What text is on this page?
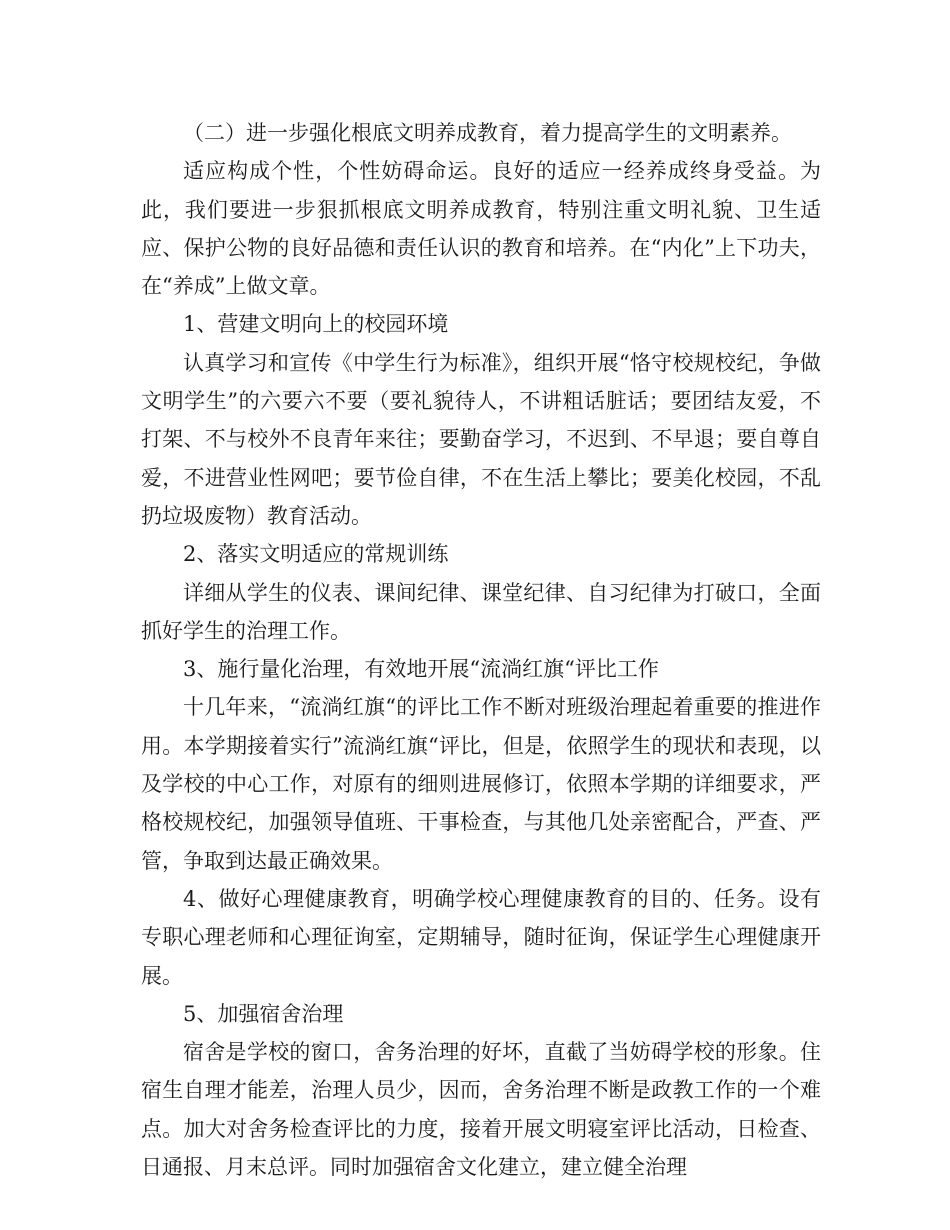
（二）进一步强化根底文明养成教育，着力提高学生的文明素养。

适应构成个性，个性妨碍命运。良好的适应一经养成终身受益。为此，我们要进一步狠抓根底文明养成教育，特别注重文明礼貌、卫生适应、保护公物的良好品德和责任认识的教育和培养。在“内化”上下功夫，在“养成”上做文章。

1、营建文明向上的校园环境

认真学习和宣传《中学生行为标准》，组织开展“恪守校规校纪，争做文明学生”的六要六不要（要礼貌待人，不讲粗话脏话；要团结友爱，不打架、不与校外不良青年来往；要勤奋学习，不迟到、不早退；要自尊自爱，不进营业性网吧；要节俭自律，不在生活上攀比；要美化校园，不乱扔垃圾废物）教育活动。

2、落实文明适应的常规训练

详细从学生的仪表、课间纪律、课堂纪律、自习纪律为打破口，全面抓好学生的治理工作。

3、施行量化治理，有效地开展“流淌红旗“评比工作

十几年来，“流淌红旗“的评比工作不断对班级治理起着重要的推进作用。本学期接着实行”流淌红旗“评比，但是，依照学生的现状和表现，以及学校的中心工作，对原有的细则进展修订，依照本学期的详细要求，严格校规校纪，加强领导值班、干事检查，与其他几处亲密配合，严查、严管，争取到达最正确效果。

4、做好心理健康教育，明确学校心理健康教育的目的、任务。设有专职心理老师和心理征询室，定期辅导，随时征询，保证学生心理健康开展。

5、加强宿舍治理

宿舍是学校的窗口，舍务治理的好坏，直截了当妨碍学校的形象。住宿生自理才能差，治理人员少，因而，舍务治理不断是政教工作的一个难点。加大对舍务检查评比的力度，接着开展文明寝室评比活动，日检查、日通报、月末总评。同时加强宿舍文化建立，建立健全治理
